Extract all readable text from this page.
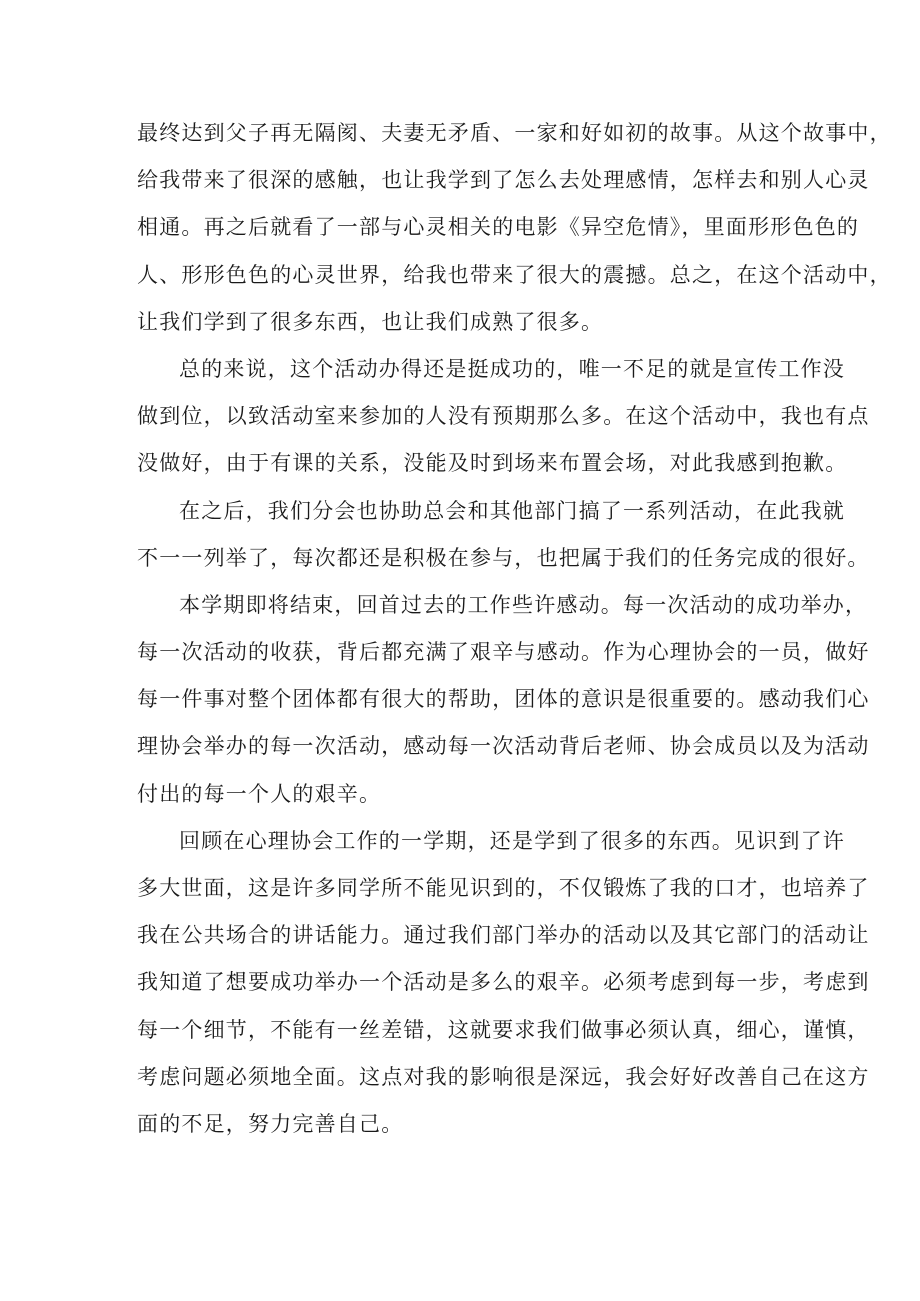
最终达到父子再无隔阂、夫妻无矛盾、一家和好如初的故事。从这个故事中，
给我带来了很深的感触，也让我学到了怎么去处理感情，怎样去和别人心灵
相通。再之后就看了一部与心灵相关的电影《异空危情》，里面形形色色的
人、形形色色的心灵世界，给我也带来了很大的震撼。总之，在这个活动中，
让我们学到了很多东西，也让我们成熟了很多。
总的来说，这个活动办得还是挺成功的，唯一不足的就是宣传工作没
做到位，以致活动室来参加的人没有预期那么多。在这个活动中，我也有点
没做好，由于有课的关系，没能及时到场来布置会场，对此我感到抱歉。
在之后，我们分会也协助总会和其他部门搞了一系列活动，在此我就
不一一列举了，每次都还是积极在参与，也把属于我们的任务完成的很好。
本学期即将结束，回首过去的工作些许感动。每一次活动的成功举办，
每一次活动的收获，背后都充满了艰辛与感动。作为心理协会的一员，做好
每一件事对整个团体都有很大的帮助，团体的意识是很重要的。感动我们心
理协会举办的每一次活动，感动每一次活动背后老师、协会成员以及为活动
付出的每一个人的艰辛。
回顾在心理协会工作的一学期，还是学到了很多的东西。见识到了许
多大世面，这是许多同学所不能见识到的，不仅锻炼了我的口才，也培养了
我在公共场合的讲话能力。通过我们部门举办的活动以及其它部门的活动让
我知道了想要成功举办一个活动是多么的艰辛。必须考虑到每一步，考虑到
每一个细节，不能有一丝差错，这就要求我们做事必须认真，细心，谨慎，
考虑问题必须地全面。这点对我的影响很是深远，我会好好改善自己在这方
面的不足，努力完善自己。
